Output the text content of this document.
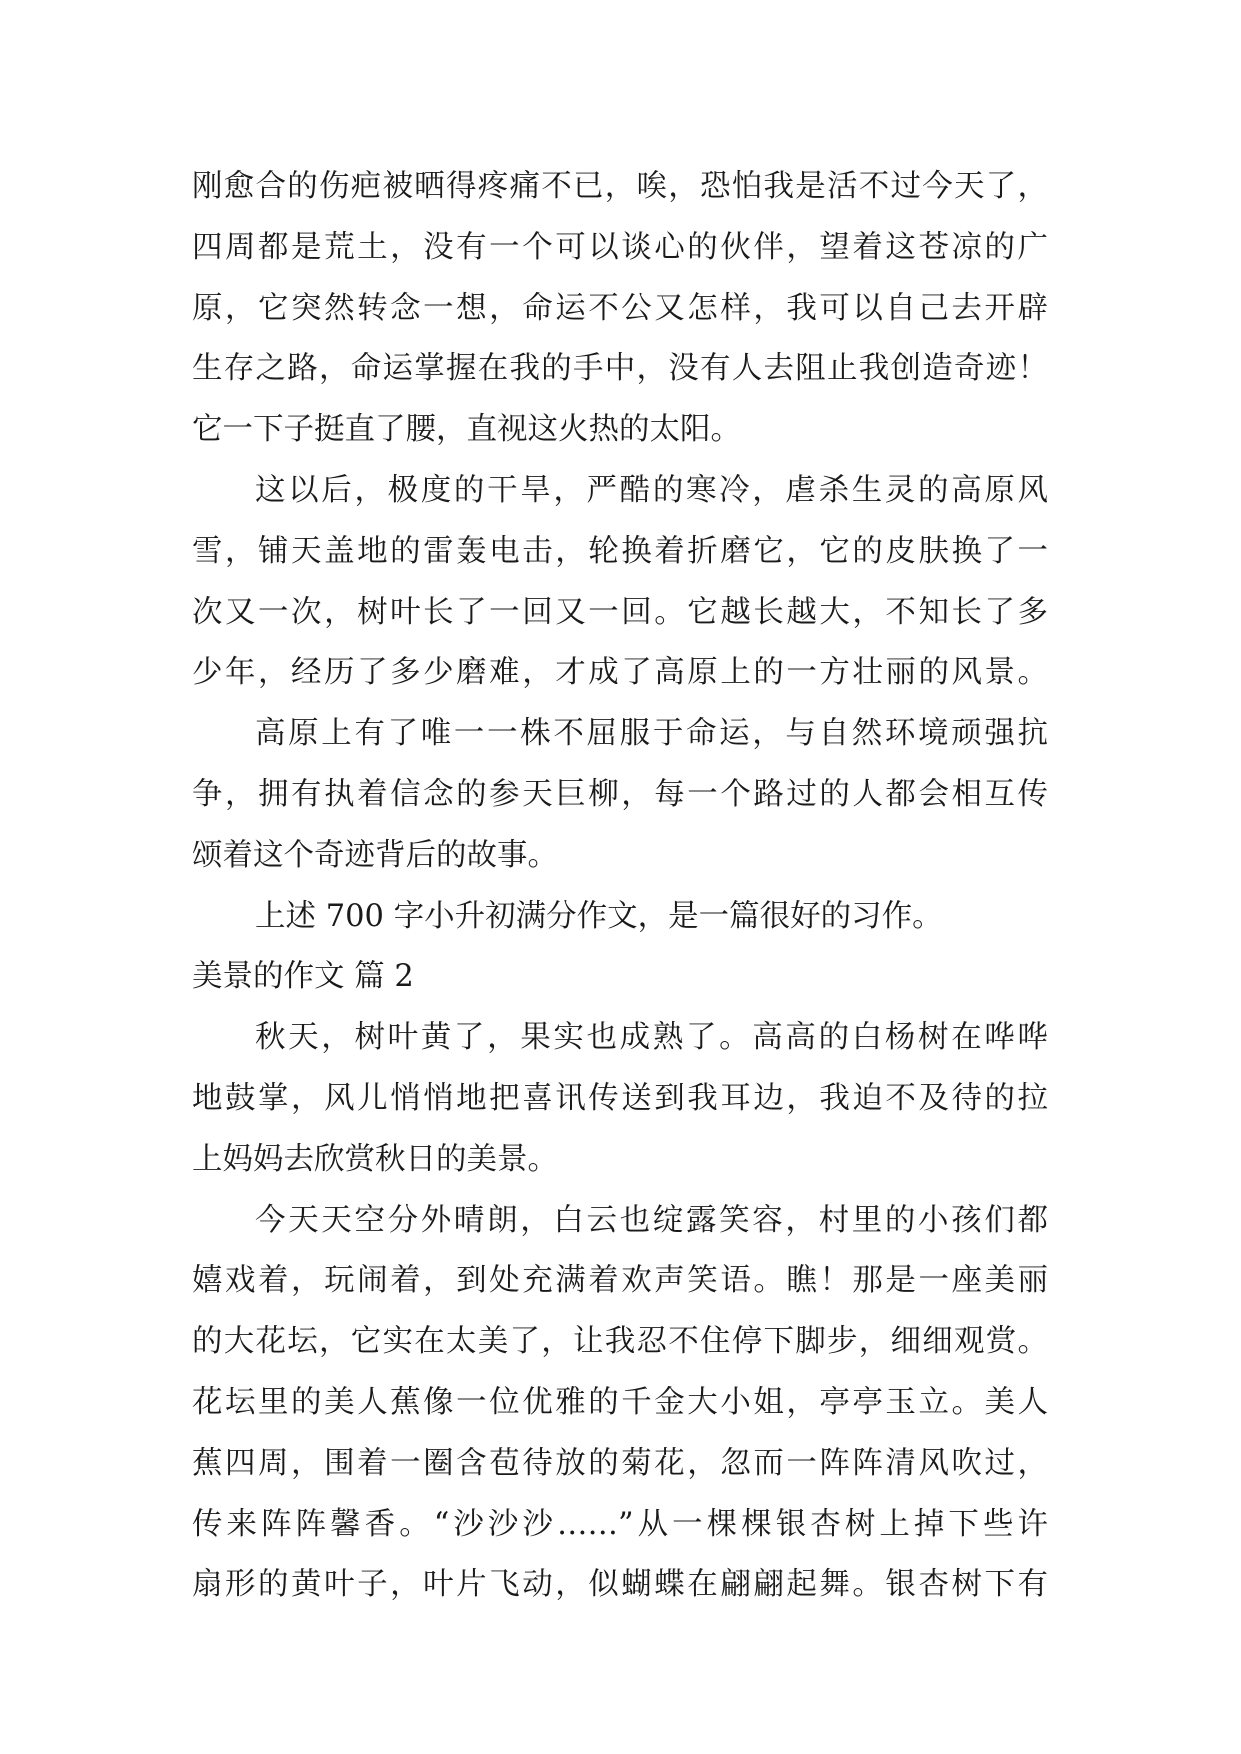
刚愈合的伤疤被晒得疼痛不已，唉，恐怕我是活不过今天了，
四周都是荒土，没有一个可以谈心的伙伴，望着这苍凉的广
原，它突然转念一想，命运不公又怎样，我可以自己去开辟
生存之路，命运掌握在我的手中，没有人去阻止我创造奇迹！
它一下子挺直了腰，直视这火热的太阳。
这以后，极度的干旱，严酷的寒冷，虐杀生灵的高原风
雪，铺天盖地的雷轰电击，轮换着折磨它，它的皮肤换了一
次又一次，树叶长了一回又一回。它越长越大，不知长了多
少年，经历了多少磨难，才成了高原上的一方壮丽的风景。
高原上有了唯一一株不屈服于命运，与自然环境顽强抗
争，拥有执着信念的参天巨柳，每一个路过的人都会相互传
颂着这个奇迹背后的故事。
上述 700 字小升初满分作文，是一篇很好的习作。
美景的作文 篇 2
秋天，树叶黄了，果实也成熟了。高高的白杨树在哗哗
地鼓掌，风儿悄悄地把喜讯传送到我耳边，我迫不及待的拉
上妈妈去欣赏秋日的美景。
今天天空分外晴朗，白云也绽露笑容，村里的小孩们都
嬉戏着，玩闹着，到处充满着欢声笑语。瞧！那是一座美丽
的大花坛，它实在太美了，让我忍不住停下脚步，细细观赏。
花坛里的美人蕉像一位优雅的千金大小姐，亭亭玉立。美人
蕉四周，围着一圈含苞待放的菊花，忽而一阵阵清风吹过，
传来阵阵馨香。“沙沙沙……”从一棵棵银杏树上掉下些许
扇形的黄叶子，叶片飞动，似蝴蝶在翩翩起舞。银杏树下有
